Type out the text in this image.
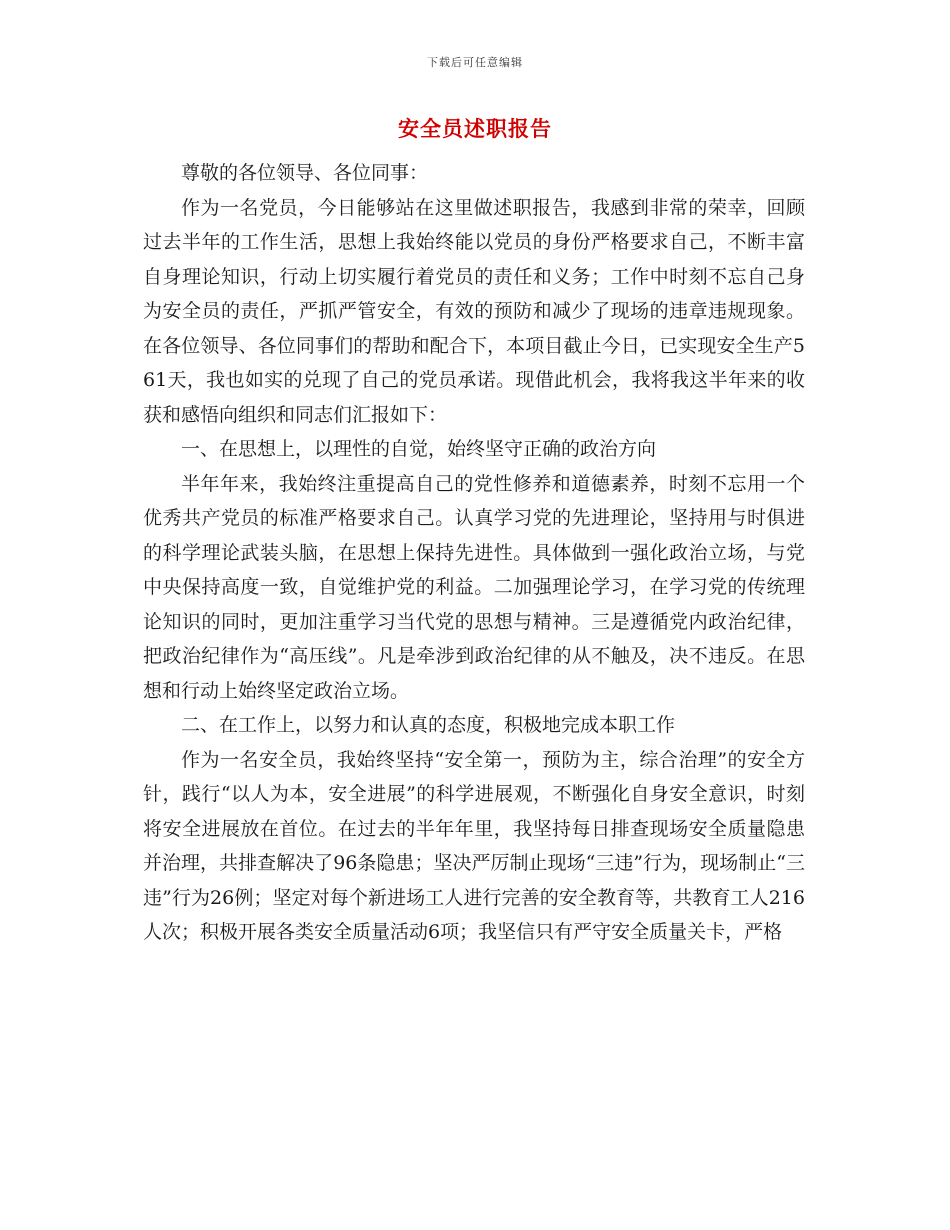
下载后可任意编辑
安全员述职报告

尊敬的各位领导、各位同事：

作为一名党员，今日能够站在这里做述职报告，我感到非常的荣幸，回顾过去半年的工作生活，思想上我始终能以党员的身份严格要求自己，不断丰富自身理论知识，行动上切实履行着党员的责任和义务；工作中时刻不忘自己身为安全员的责任，严抓严管安全，有效的预防和减少了现场的违章违规现象。在各位领导、各位同事们的帮助和配合下，本项目截止今日，已实现安全生产561天，我也如实的兑现了自己的党员承诺。现借此机会，我将我这半年来的收获和感悟向组织和同志们汇报如下：

一、在思想上，以理性的自觉，始终坚守正确的政治方向

半年年来，我始终注重提高自己的党性修养和道德素养，时刻不忘用一个优秀共产党员的标准严格要求自己。认真学习党的先进理论，坚持用与时俱进的科学理论武装头脑，在思想上保持先进性。具体做到一强化政治立场，与党中央保持高度一致，自觉维护党的利益。二加强理论学习，在学习党的传统理论知识的同时，更加注重学习当代党的思想与精神。三是遵循党内政治纪律，把政治纪律作为“高压线”。凡是牵涉到政治纪律的从不触及，决不违反。在思想和行动上始终坚定政治立场。

二、在工作上，以努力和认真的态度，积极地完成本职工作

作为一名安全员，我始终坚持“安全第一，预防为主，综合治理”的安全方针，践行“以人为本，安全进展”的科学进展观，不断强化自身安全意识，时刻将安全进展放在首位。在过去的半年年里，我坚持每日排查现场安全质量隐患并治理，共排查解决了96条隐患；坚决严厉制止现场“三违”行为，现场制止“三违”行为26例；坚定对每个新进场工人进行完善的安全教育等，共教育工人216人次；积极开展各类安全质量活动6项；我坚信只有严守安全质量关卡，严格
